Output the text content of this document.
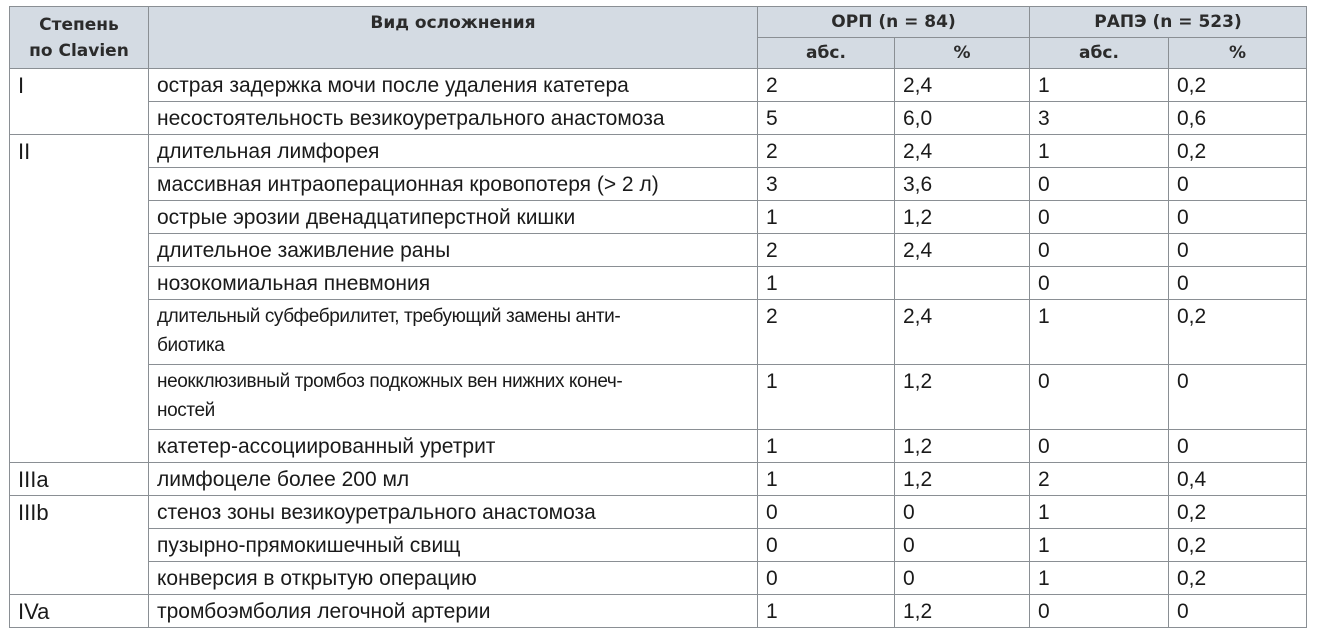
Степень
по Clavien	Вид осложнения	ОРП (n = 84)		РАПЭ (n = 523)	
		абс.	%	абс.	%
I	острая задержка мочи после удаления катетера	2	2,4	1	0,2
	несостоятельность везикоуретрального анастомоза	5	6,0	3	0,6
II	длительная лимфорея	2	2,4	1	0,2
	массивная интраоперационная кровопотеря (> 2 л)	3	3,6	0	0
	острые эрозии двенадцатиперстной кишки	1	1,2	0	0
	длительное заживление раны	2	2,4	0	0
	нозокомиальная пневмония	1		0	0
	длительный субфебрилитет, требующий замены анти-
биотика	2	2,4	1	0,2
	неокклюзивный тромбоз подкожных вен нижних конеч-
ностей	1	1,2	0	0
	катетер-ассоциированный уретрит	1	1,2	0	0
IIIa	лимфоцеле более 200 мл	1	1,2	2	0,4
IIIb	стеноз зоны везикоуретрального анастомоза	0	0	1	0,2
	пузырно-прямокишечный свищ	0	0	1	0,2
	конверсия в открытую операцию	0	0	1	0,2
IVa	тромбоэмболия легочной артерии	1	1,2	0	0
